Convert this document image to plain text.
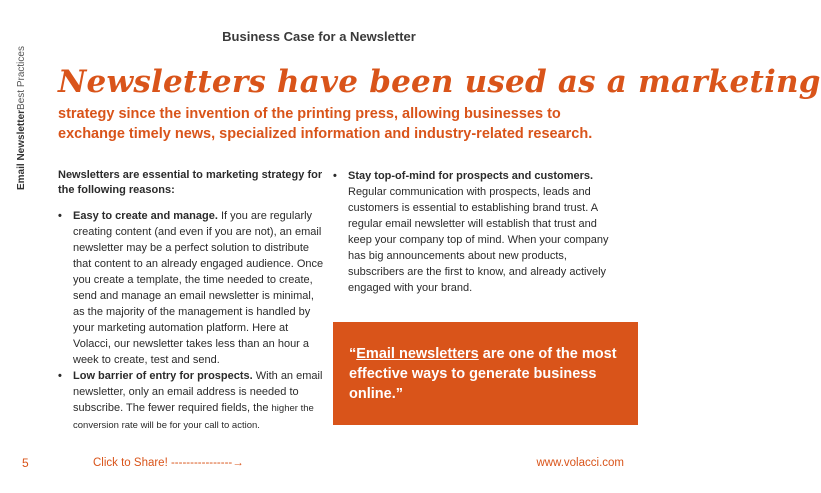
Email NewsletterBest Practices
Business Case for a Newsletter
Newsletters have been used as a marketing
strategy since the invention of the printing press, allowing businesses to exchange timely news, specialized information and industry-related research.

Newsletters are essential to marketing strategy for the following reasons:

• Easy to create and manage. If you are regularly creating content (and even if you are not), an email newsletter may be a perfect solution to distribute that content to an already engaged audience. Once you create a template, the time needed to create, send and manage an email newsletter is minimal, as the majority of the management is handled by your marketing automation platform. Here at Volacci, our newsletter takes less than an hour a week to create, test and send.
• Low barrier of entry for prospects. With an email newsletter, only an email address is needed to subscribe. The fewer required fields, the higher the conversion rate will be for your call to action.
• Stay top-of-mind for prospects and customers. Regular communication with prospects, leads and customers is essential to establishing brand trust. A regular email newsletter will establish that trust and keep your company top of mind. When your company has big announcements about new products, subscribers are the first to know, and already actively engaged with your brand.
“Email newsletters are one of the most effective ways to generate business online.”
5	Click to Share! ----------------→	www.volacci.com
